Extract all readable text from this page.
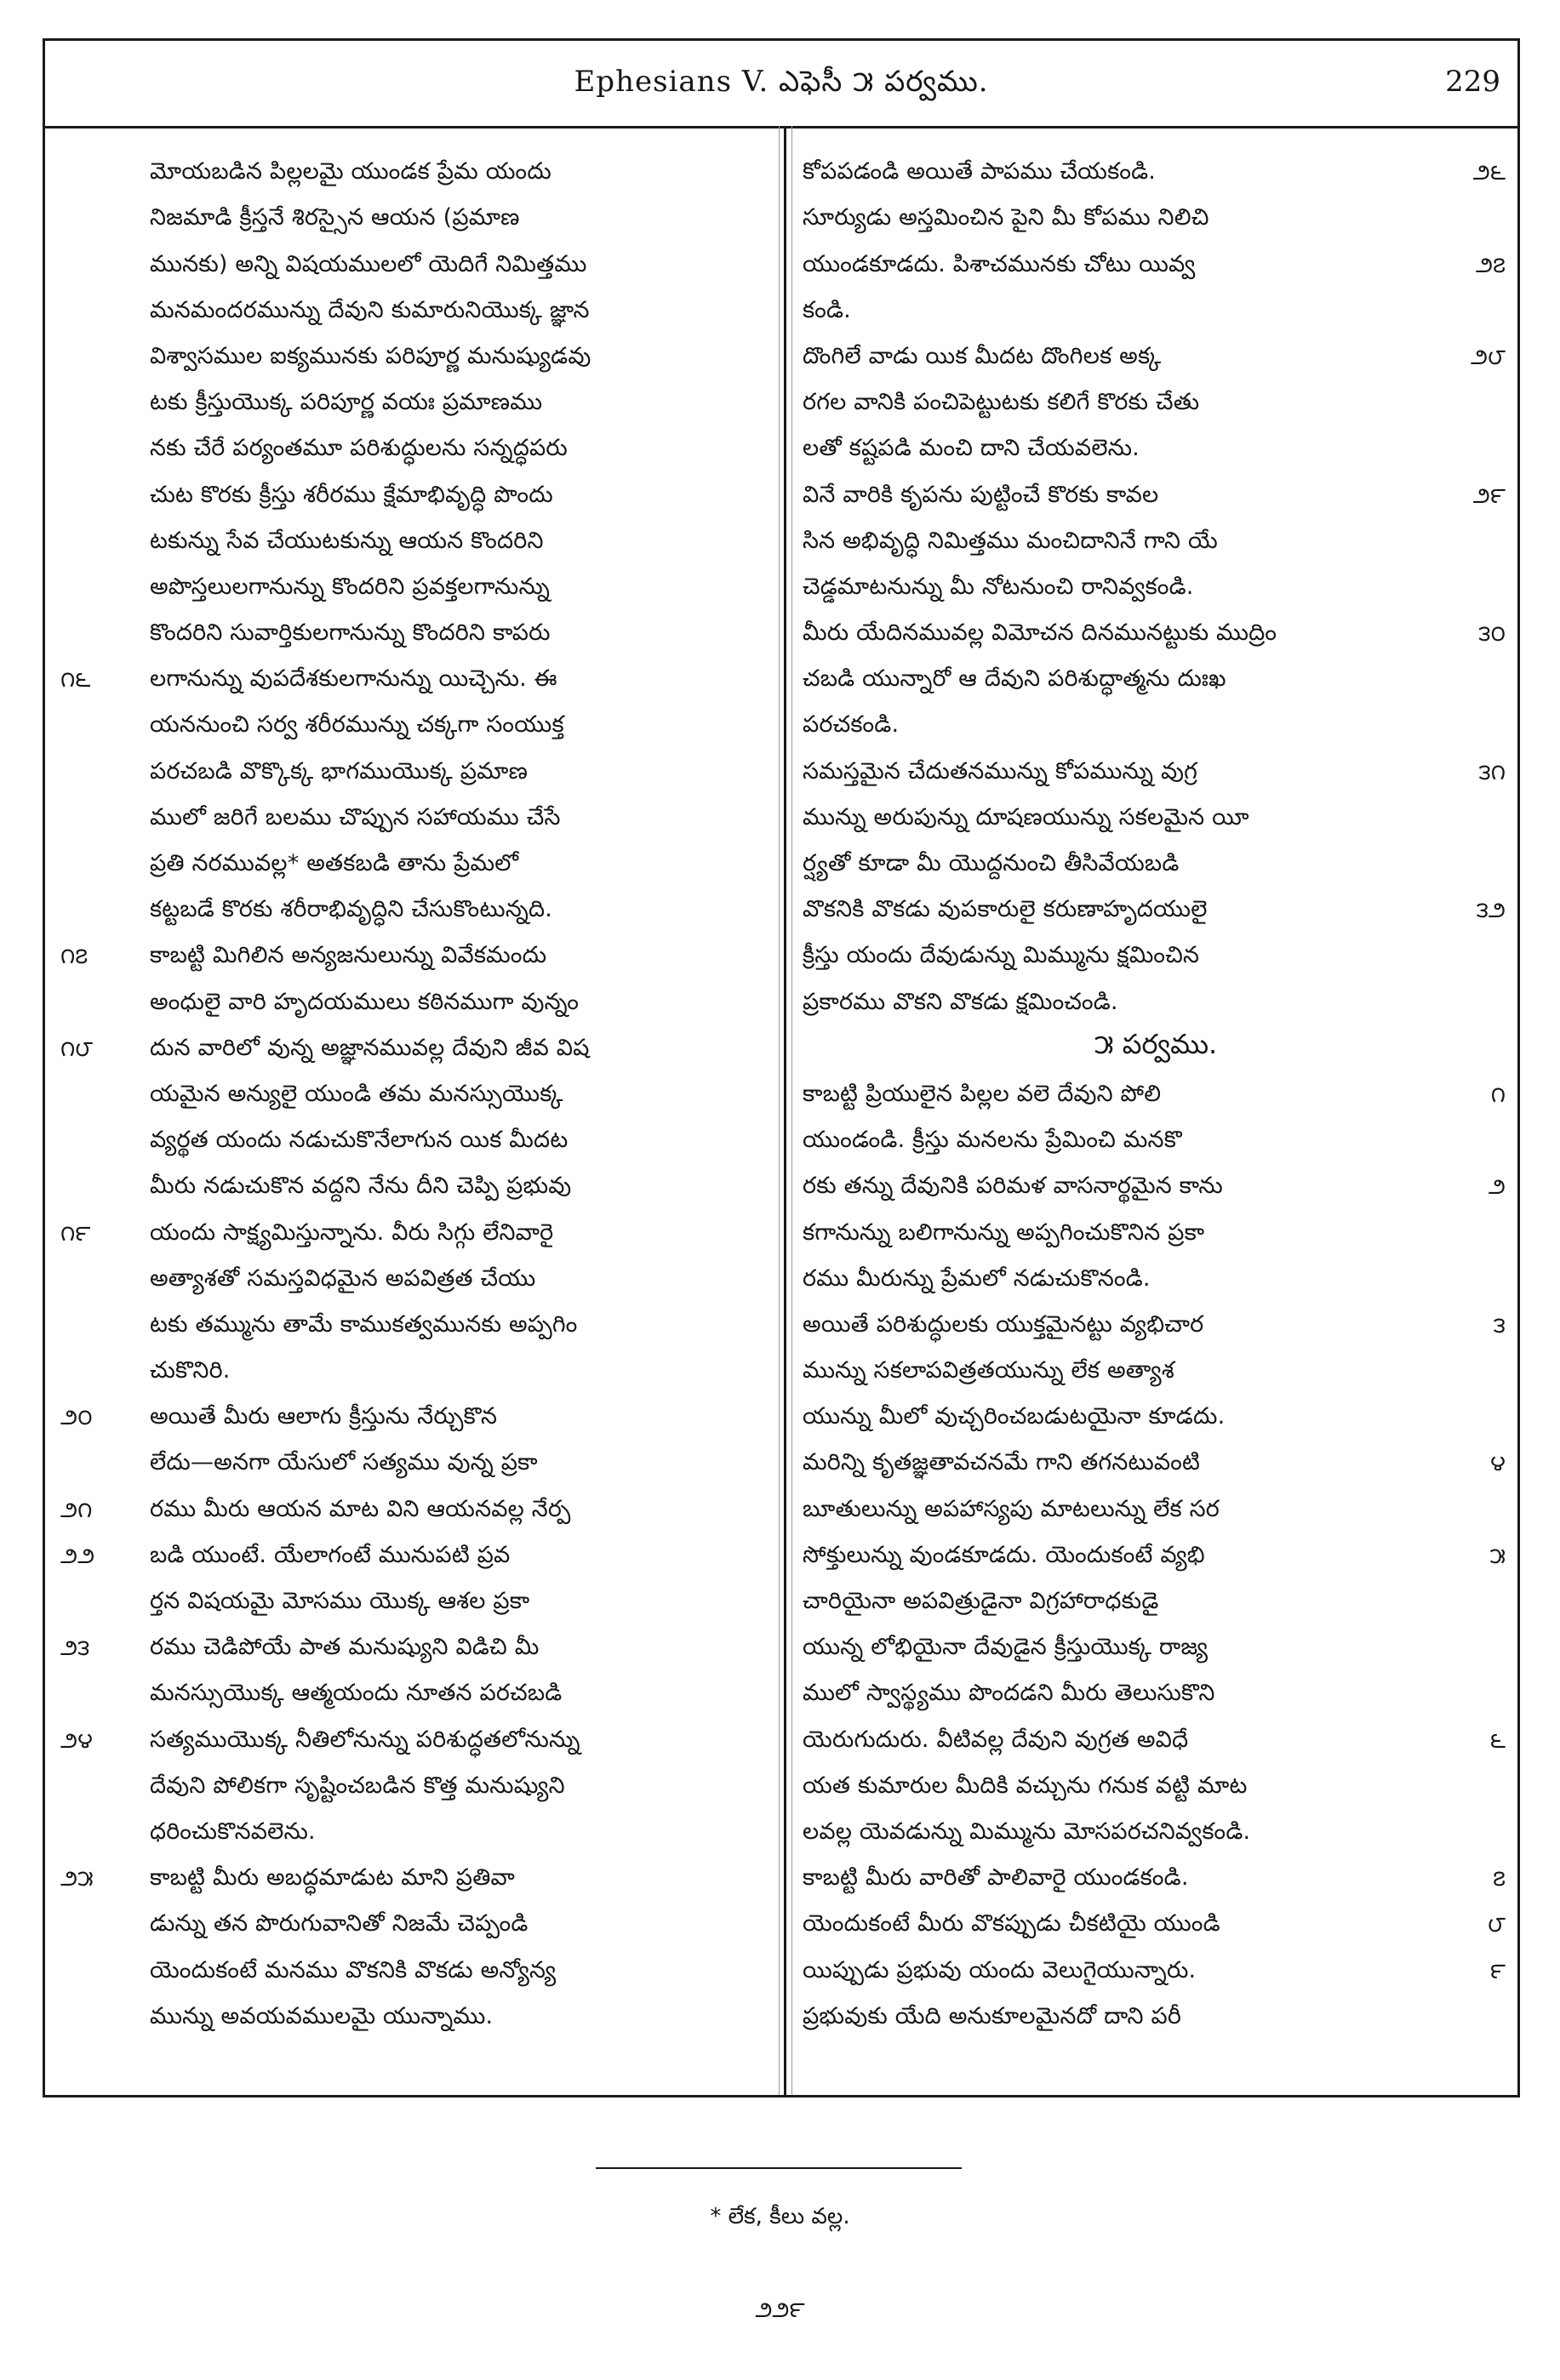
Ephesians V. ఎఫెసీ ౫ పర్వము.	229
మోయబడిన పిల్లలమై యుండక ప్రేమ యందు
నిజమాడి క్రీస్తనే శిరస్సైన ఆయన (ప్రమాణ
మునకు) అన్ని విషయములలో యెదిగే నిమిత్తము
మనమందరమున్ను దేవుని కుమారునియొక్క జ్ఞాన
విశ్వాసముల ఐక్యమునకు పరిపూర్ణ మనుష్యుడవు
టకు క్రీస్తుయొక్క పరిపూర్ణ వయః ప్రమాణము
నకు చేరే పర్యంతమూ పరిశుద్ధులను సన్నద్ధపరు
చుట కొరకు క్రీస్తు శరీరము క్షేమాభివృద్ధి పొందు
టకున్ను సేవ చేయుటకున్ను ఆయన కొందరిని
అపొస్తలులగానున్ను కొందరిని ప్రవక్తలగానున్ను
కొందరిని సువార్తికులగానున్ను కొందరిని కాపరు
౧౬	లగానున్ను వుపదేశకులగానున్ను యిచ్చెను. ఈ
యననుంచి సర్వ శరీరమున్ను చక్కగా సంయుక్త
పరచబడి వొక్కొక్క భాగముయొక్క ప్రమాణ
ములో జరిగే బలము చొప్పున సహాయము చేసే
ప్రతి నరమువల్ల* అతకబడి తాను ప్రేమలో
కట్టబడే కొరకు శరీరాభివృద్ధిని చేసుకొంటున్నది.
౧౭	కాబట్టి మిగిలిన అన్యజనులున్ను వివేకమందు
అంధులై వారి హృదయములు కఠినముగా వున్నం
౧౮	దున వారిలో వున్న అజ్ఞానమువల్ల దేవుని జీవ విష
యమైన అన్యులై యుండి తమ మనస్సుయొక్క
వ్యర్థత యందు నడుచుకొనేలాగున యిక మీదట
మీరు నడుచుకొన వద్దని నేను దీని చెప్పి ప్రభువు
౧౯	యందు సాక్ష్యమిస్తున్నాను. వీరు సిగ్గు లేనివారై
అత్యాశతో సమస్తవిధమైన అపవిత్రత చేయు
టకు తమ్మును తామే కాముకత్వమునకు అప్పగిం
చుకొనిరి.
౨౦	అయితే మీరు ఆలాగు క్రీస్తును నేర్చుకొన
లేదు—అనగా యేసులో సత్యము వున్న ప్రకా
౨౧	రము మీరు ఆయన మాట విని ఆయనవల్ల నేర్ప
౨౨	బడి యుంటే. యేలాగంటే మునుపటి ప్రవ
ర్తన విషయమై మోసము యొక్క ఆశల ప్రకా
౨౩	రము చెడిపోయే పాత మనుష్యుని విడిచి మీ
మనస్సుయొక్క ఆత్మయందు నూతన పరచబడి
౨౪	సత్యముయొక్క నీతిలోనున్ను పరిశుద్ధతలోనున్ను
దేవుని పోలికగా సృష్టించబడిన కొత్త మనుష్యుని
ధరించుకొనవలెను.
౨౫	కాబట్టి మీరు అబద్ధమాడుట మాని ప్రతివా
డున్ను తన పొరుగువానితో నిజమే చెప్పండి
యెందుకంటే మనము వొకనికి వొకడు అన్యోన్య
మున్ను అవయవములమై యున్నాము.
కోపపడండి అయితే పాపము చేయకండి.	౨౬
సూర్యుడు అస్తమించిన పైని మీ కోపము నిలిచి
యుండకూడదు. పిశాచమునకు చోటు యివ్వ	౨౭
కండి.
దొంగిలే వాడు యిక మీదట దొంగిలక అక్క	౨౮
రగల వానికి పంచిపెట్టుటకు కలిగే కొరకు చేతు
లతో కష్టపడి మంచి దాని చేయవలెను.
వినే వారికి కృపను పుట్టించే కొరకు కావల	౨౯
సిన అభివృద్ధి నిమిత్తము మంచిదానినే గాని యే
చెడ్డమాటనున్ను మీ నోటనుంచి రానివ్వకండి.
మీరు యేదినమువల్ల విమోచన దినమునట్టుకు ముద్రిం	౩౦
చబడి యున్నారో ఆ దేవుని పరిశుద్ధాత్మను దుఃఖ
పరచకండి.
సమస్తమైన చేదుతనమున్ను కోపమున్ను వుగ్ర	౩౧
మున్ను అరుపున్ను దూషణయున్ను సకలమైన యీ
ర్ష్యతో కూడా మీ యొద్దనుంచి తీసివేయబడి
వొకనికి వొకడు వుపకారులై కరుణాహృదయులై	౩౨
క్రీస్తు యందు దేవుడున్ను మిమ్మును క్షమించిన
ప్రకారము వొకని వొకడు క్షమించండి.
౫ పర్వము.
కాబట్టి ప్రియులైన పిల్లల వలె దేవుని పోలి	౧
యుండండి. క్రీస్తు మనలను ప్రేమించి మనకొ
రకు తన్ను దేవునికి పరిమళ వాసనార్థమైన కాను	౨
కగానున్ను బలిగానున్ను అప్పగించుకొనిన ప్రకా
రము మీరున్ను ప్రేమలో నడుచుకొనండి.
అయితే పరిశుద్ధులకు యుక్తమైనట్టు వ్యభిచార	౩
మున్ను సకలాపవిత్రతయున్ను లేక అత్యాశ
యున్ను మీలో వుచ్చరించబడుటయైనా కూడదు.
మరిన్ని కృతజ్ఞతావచనమే గాని తగనటువంటి	౪
బూతులున్ను అపహాస్యపు మాటలున్ను లేక సర
సోక్తులున్ను వుండకూడదు. యెందుకంటే వ్యభి	౫
చారియైనా అపవిత్రుడైనా విగ్రహారాధకుడై
యున్న లోభియైనా దేవుడైన క్రీస్తుయొక్క రాజ్య
ములో స్వాస్థ్యము పొందడని మీరు తెలుసుకొని
యెరుగుదురు. వీటివల్ల దేవుని వుగ్రత అవిధే	౬
యత కుమారుల మీదికి వచ్చును గనుక వట్టి మాట
లవల్ల యెవడున్ను మిమ్మును మోసపరచనివ్వకండి.
కాబట్టి మీరు వారితో పాలివారై యుండకండి.	౭
యెందుకంటే మీరు వొకప్పుడు చీకటియై యుండి	౮
యిప్పుడు ప్రభువు యందు వెలుగైయున్నారు.	౯
ప్రభువుకు యేది అనుకూలమైనదో దాని పరీ
* లేక, కీలు వల్ల.
౨౨౯
